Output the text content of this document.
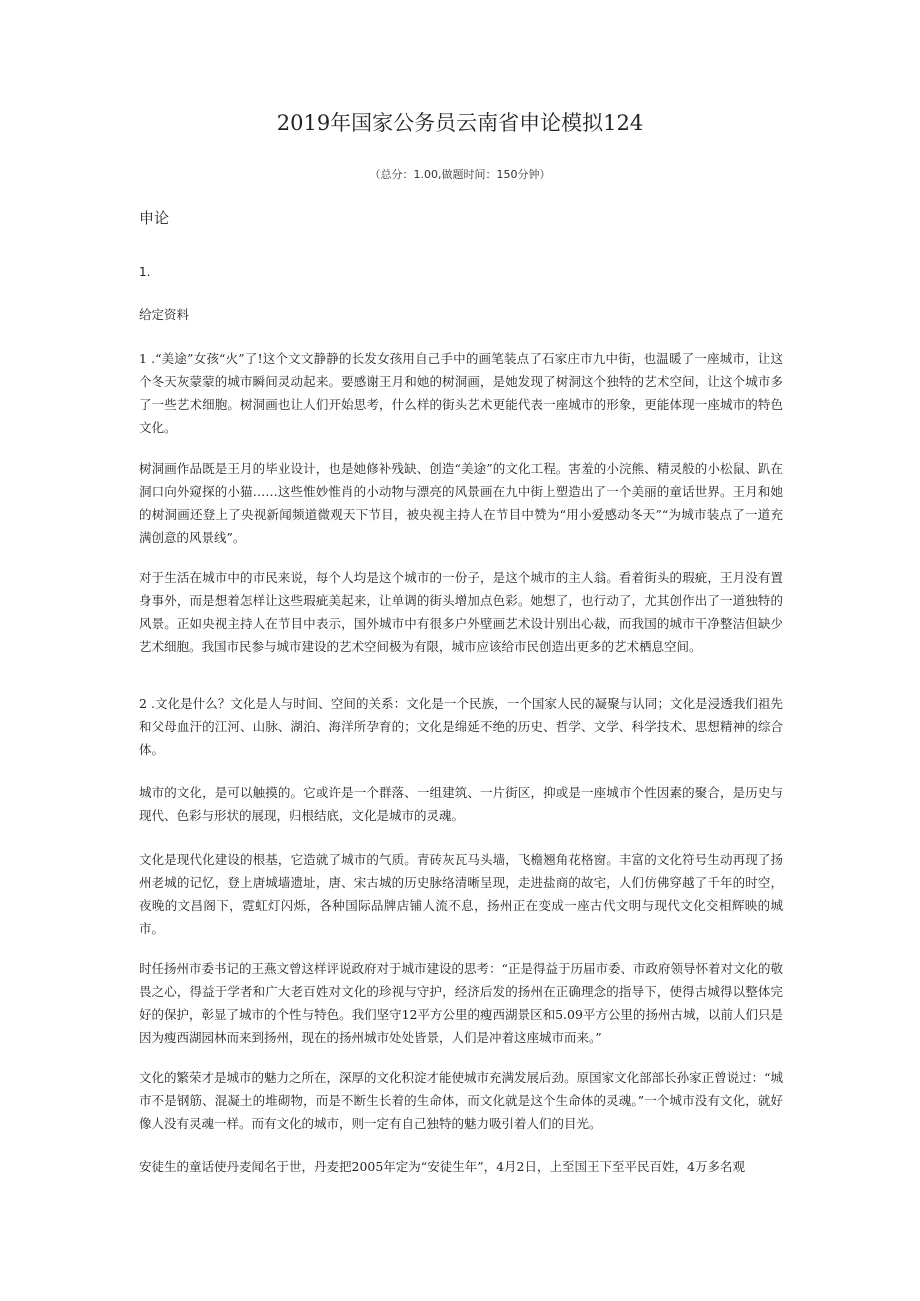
2019年国家公务员云南省申论模拟124
（总分：1.00,做题时间：150分钟）
申论
1.
给定资料

1 .“美途”女孩“火”了!这个文文静静的长发女孩用自己手中的画笔装点了石家庄市九中街，也温暖了一座城市，让这个冬天灰蒙蒙的城市瞬间灵动起来。要感谢王月和她的树洞画，是她发现了树洞这个独特的艺术空间，让这个城市多了一些艺术细胞。树洞画也让人们开始思考，什么样的街头艺术更能代表一座城市的形象，更能体现一座城市的特色文化。

树洞画作品既是王月的毕业设计，也是她修补残缺、创造“美途”的文化工程。害羞的小浣熊、精灵般的小松鼠、趴在洞口向外窥探的小猫……这些惟妙惟肖的小动物与漂亮的风景画在九中街上塑造出了一个美丽的童话世界。王月和她的树洞画还登上了央视新闻频道微观天下节目，被央视主持人在节目中赞为“用小爱感动冬天”“为城市装点了一道充满创意的风景线”。

对于生活在城市中的市民来说，每个人均是这个城市的一份子，是这个城市的主人翁。看着街头的瑕疵，王月没有置身事外，而是想着怎样让这些瑕疵美起来，让单调的街头增加点色彩。她想了，也行动了，尤其创作出了一道独特的风景。正如央视主持人在节目中表示，国外城市中有很多户外壁画艺术设计别出心裁，而我国的城市干净整洁但缺少艺术细胞。我国市民参与城市建设的艺术空间极为有限，城市应该给市民创造出更多的艺术栖息空间。

2 .文化是什么？文化是人与时间、空间的关系：文化是一个民族，一个国家人民的凝聚与认同；文化是浸透我们祖先和父母血汗的江河、山脉、湖泊、海洋所孕育的；文化是绵延不绝的历史、哲学、文学、科学技术、思想精神的综合体。

城市的文化，是可以触摸的。它或许是一个群落、一组建筑、一片街区，抑或是一座城市个性因素的聚合，是历史与现代、色彩与形状的展现，归根结底，文化是城市的灵魂。

文化是现代化建设的根基，它造就了城市的气质。青砖灰瓦马头墙，飞檐翘角花格窗。丰富的文化符号生动再现了扬州老城的记忆，登上唐城墙遗址，唐、宋古城的历史脉络清晰呈现，走进盐商的故宅，人们仿佛穿越了千年的时空，夜晚的文昌阁下，霓虹灯闪烁，各种国际品牌店铺人流不息，扬州正在变成一座古代文明与现代文化交相辉映的城市。

时任扬州市委书记的王燕文曾这样评说政府对于城市建设的思考：“正是得益于历届市委、市政府领导怀着对文化的敬畏之心，得益于学者和广大老百姓对文化的珍视与守护，经济后发的扬州在正确理念的指导下，使得古城得以整体完好的保护，彰显了城市的个性与特色。我们坚守12平方公里的瘦西湖景区和5.09平方公里的扬州古城，以前人们只是因为瘦西湖园林而来到扬州，现在的扬州城市处处皆景，人们是冲着这座城市而来。”

文化的繁荣才是城市的魅力之所在，深厚的文化积淀才能使城市充满发展后劲。原国家文化部部长孙家正曾说过：“城市不是钢筋、混凝土的堆砌物，而是不断生长着的生命体，而文化就是这个生命体的灵魂。”一个城市没有文化，就好像人没有灵魂一样。而有文化的城市，则一定有自己独特的魅力吸引着人们的目光。

安徒生的童话使丹麦闻名于世，丹麦把2005年定为“安徒生年”，4月2日，上至国王下至平民百姓，4万多名观
